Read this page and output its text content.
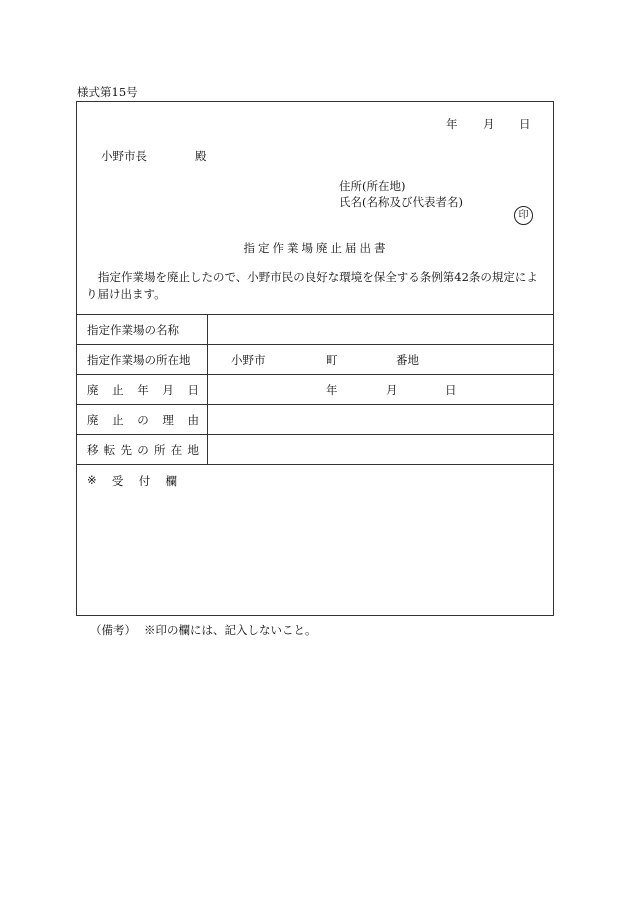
様式第15号
年 月 日
小野市長	殿
住所(所在地)
氏名(名称及び代表者名)
印
指定作業場廃止届出書
指定作業場を廃止したので、小野市民の良好な環境を保全する条例第42条の規定により届け出ます。
指定作業場の名称
指定作業場の所在地	小野市	町	番地
廃 止 年 月 日	年	月	日
廃 止 の 理 由
移 転 先 の 所 在 地
※ 受 付 欄
（備考） ※印の欄には、記入しないこと。
